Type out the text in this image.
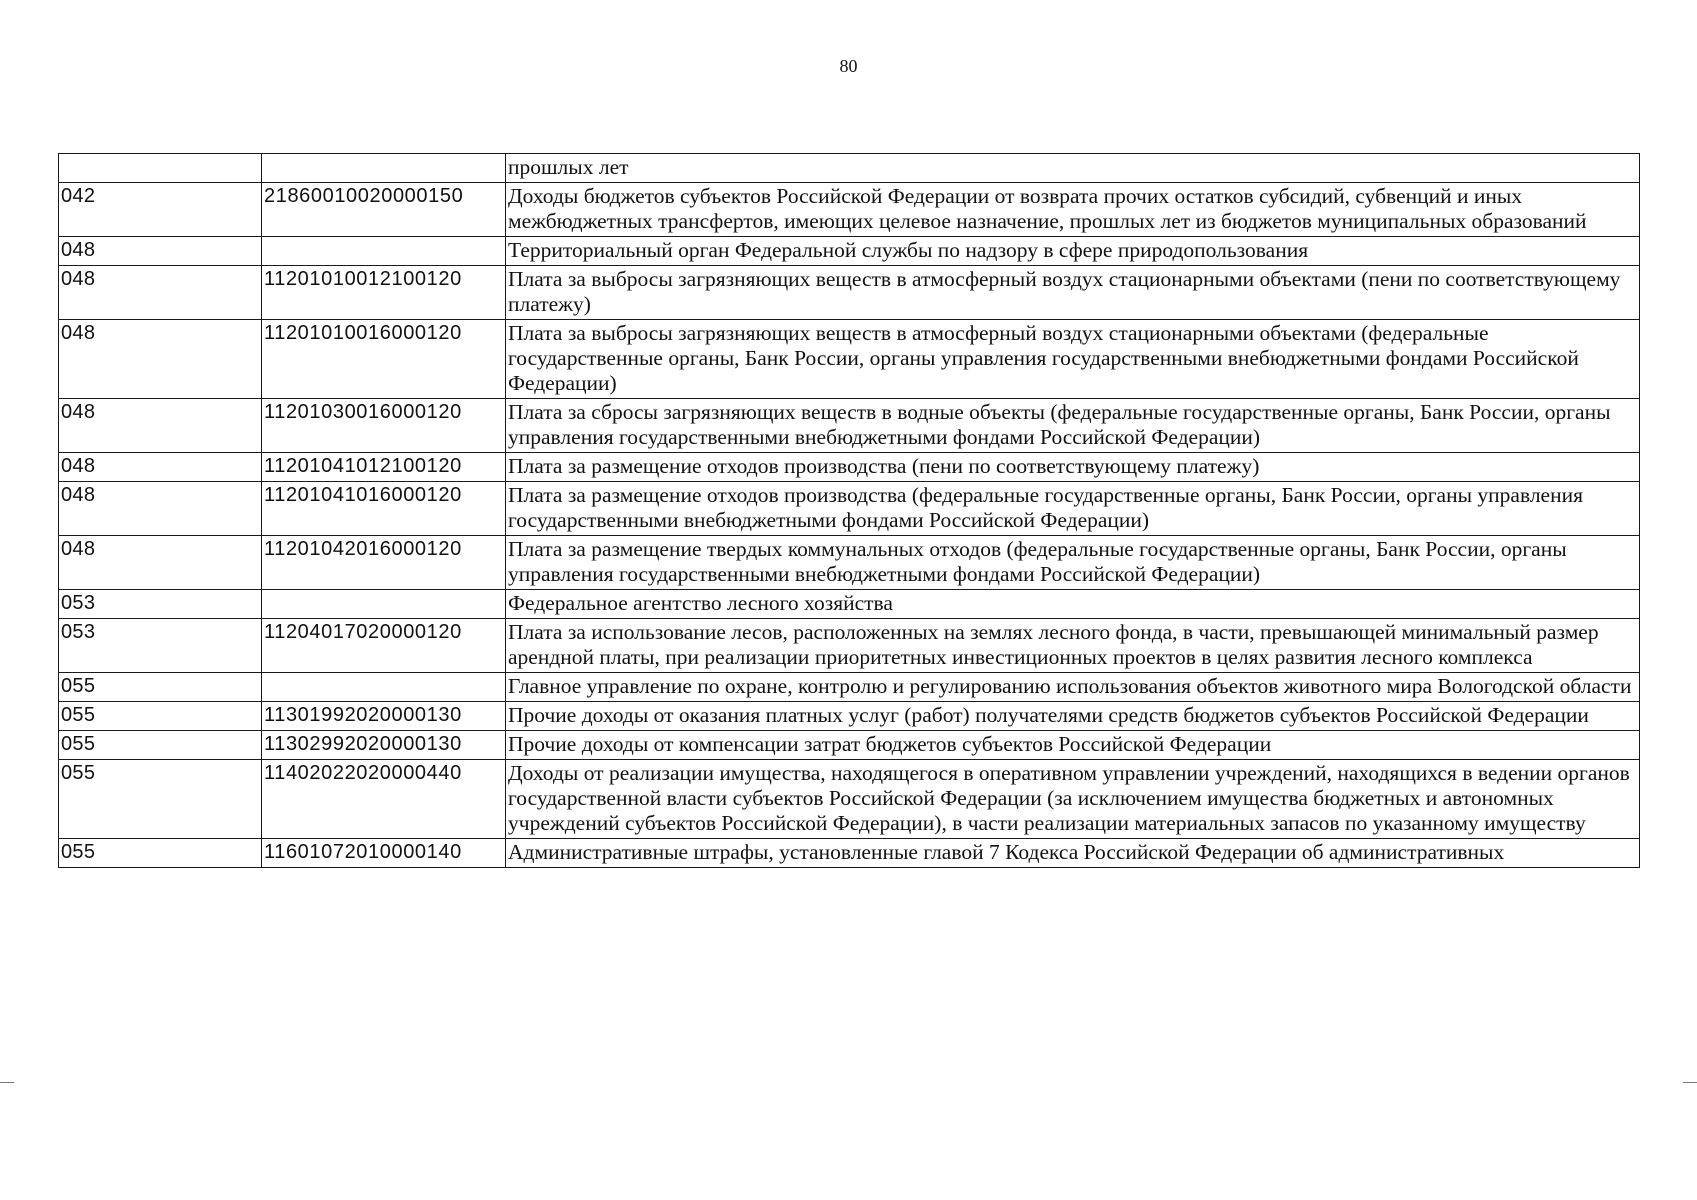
80
		прошлых лет
042	21860010020000150	Доходы бюджетов субъектов Российской Федерации от возврата прочих остатков субсидий, субвенций и иных межбюджетных трансфертов, имеющих целевое назначение, прошлых лет из бюджетов муниципальных образований
048		Территориальный орган Федеральной службы по надзору в сфере природопользования
048	11201010012100120	Плата за выбросы загрязняющих веществ в атмосферный воздух стационарными объектами (пени по соответствующему платежу)
048	11201010016000120	Плата за выбросы загрязняющих веществ в атмосферный воздух стационарными объектами (федеральные государственные органы, Банк России, органы управления государственными внебюджетными фондами Российской Федерации)
048	11201030016000120	Плата за сбросы загрязняющих веществ в водные объекты (федеральные государственные органы, Банк России, органы управления государственными внебюджетными фондами Российской Федерации)
048	11201041012100120	Плата за размещение отходов производства (пени по соответствующему платежу)
048	11201041016000120	Плата за размещение отходов производства (федеральные государственные органы, Банк России, органы управления государственными внебюджетными фондами Российской Федерации)
048	11201042016000120	Плата за размещение твердых коммунальных отходов (федеральные государственные органы, Банк России, органы управления государственными внебюджетными фондами Российской Федерации)
053		Федеральное агентство лесного хозяйства
053	11204017020000120	Плата за использование лесов, расположенных на землях лесного фонда, в части, превышающей минимальный размер арендной платы, при реализации приоритетных инвестиционных проектов в целях развития лесного комплекса
055		Главное управление по охране, контролю и регулированию использования объектов животного мира Вологодской области
055	11301992020000130	Прочие доходы от оказания платных услуг (работ) получателями средств бюджетов субъектов Российской Федерации
055	11302992020000130	Прочие доходы от компенсации затрат бюджетов субъектов Российской Федерации
055	11402022020000440	Доходы от реализации имущества, находящегося в оперативном управлении учреждений, находящихся в ведении органов государственной власти субъектов Российской Федерации (за исключением имущества бюджетных и автономных учреждений субъектов Российской Федерации), в части реализации материальных запасов по указанному имуществу
055	11601072010000140	Административные штрафы, установленные главой 7 Кодекса Российской Федерации об административных
